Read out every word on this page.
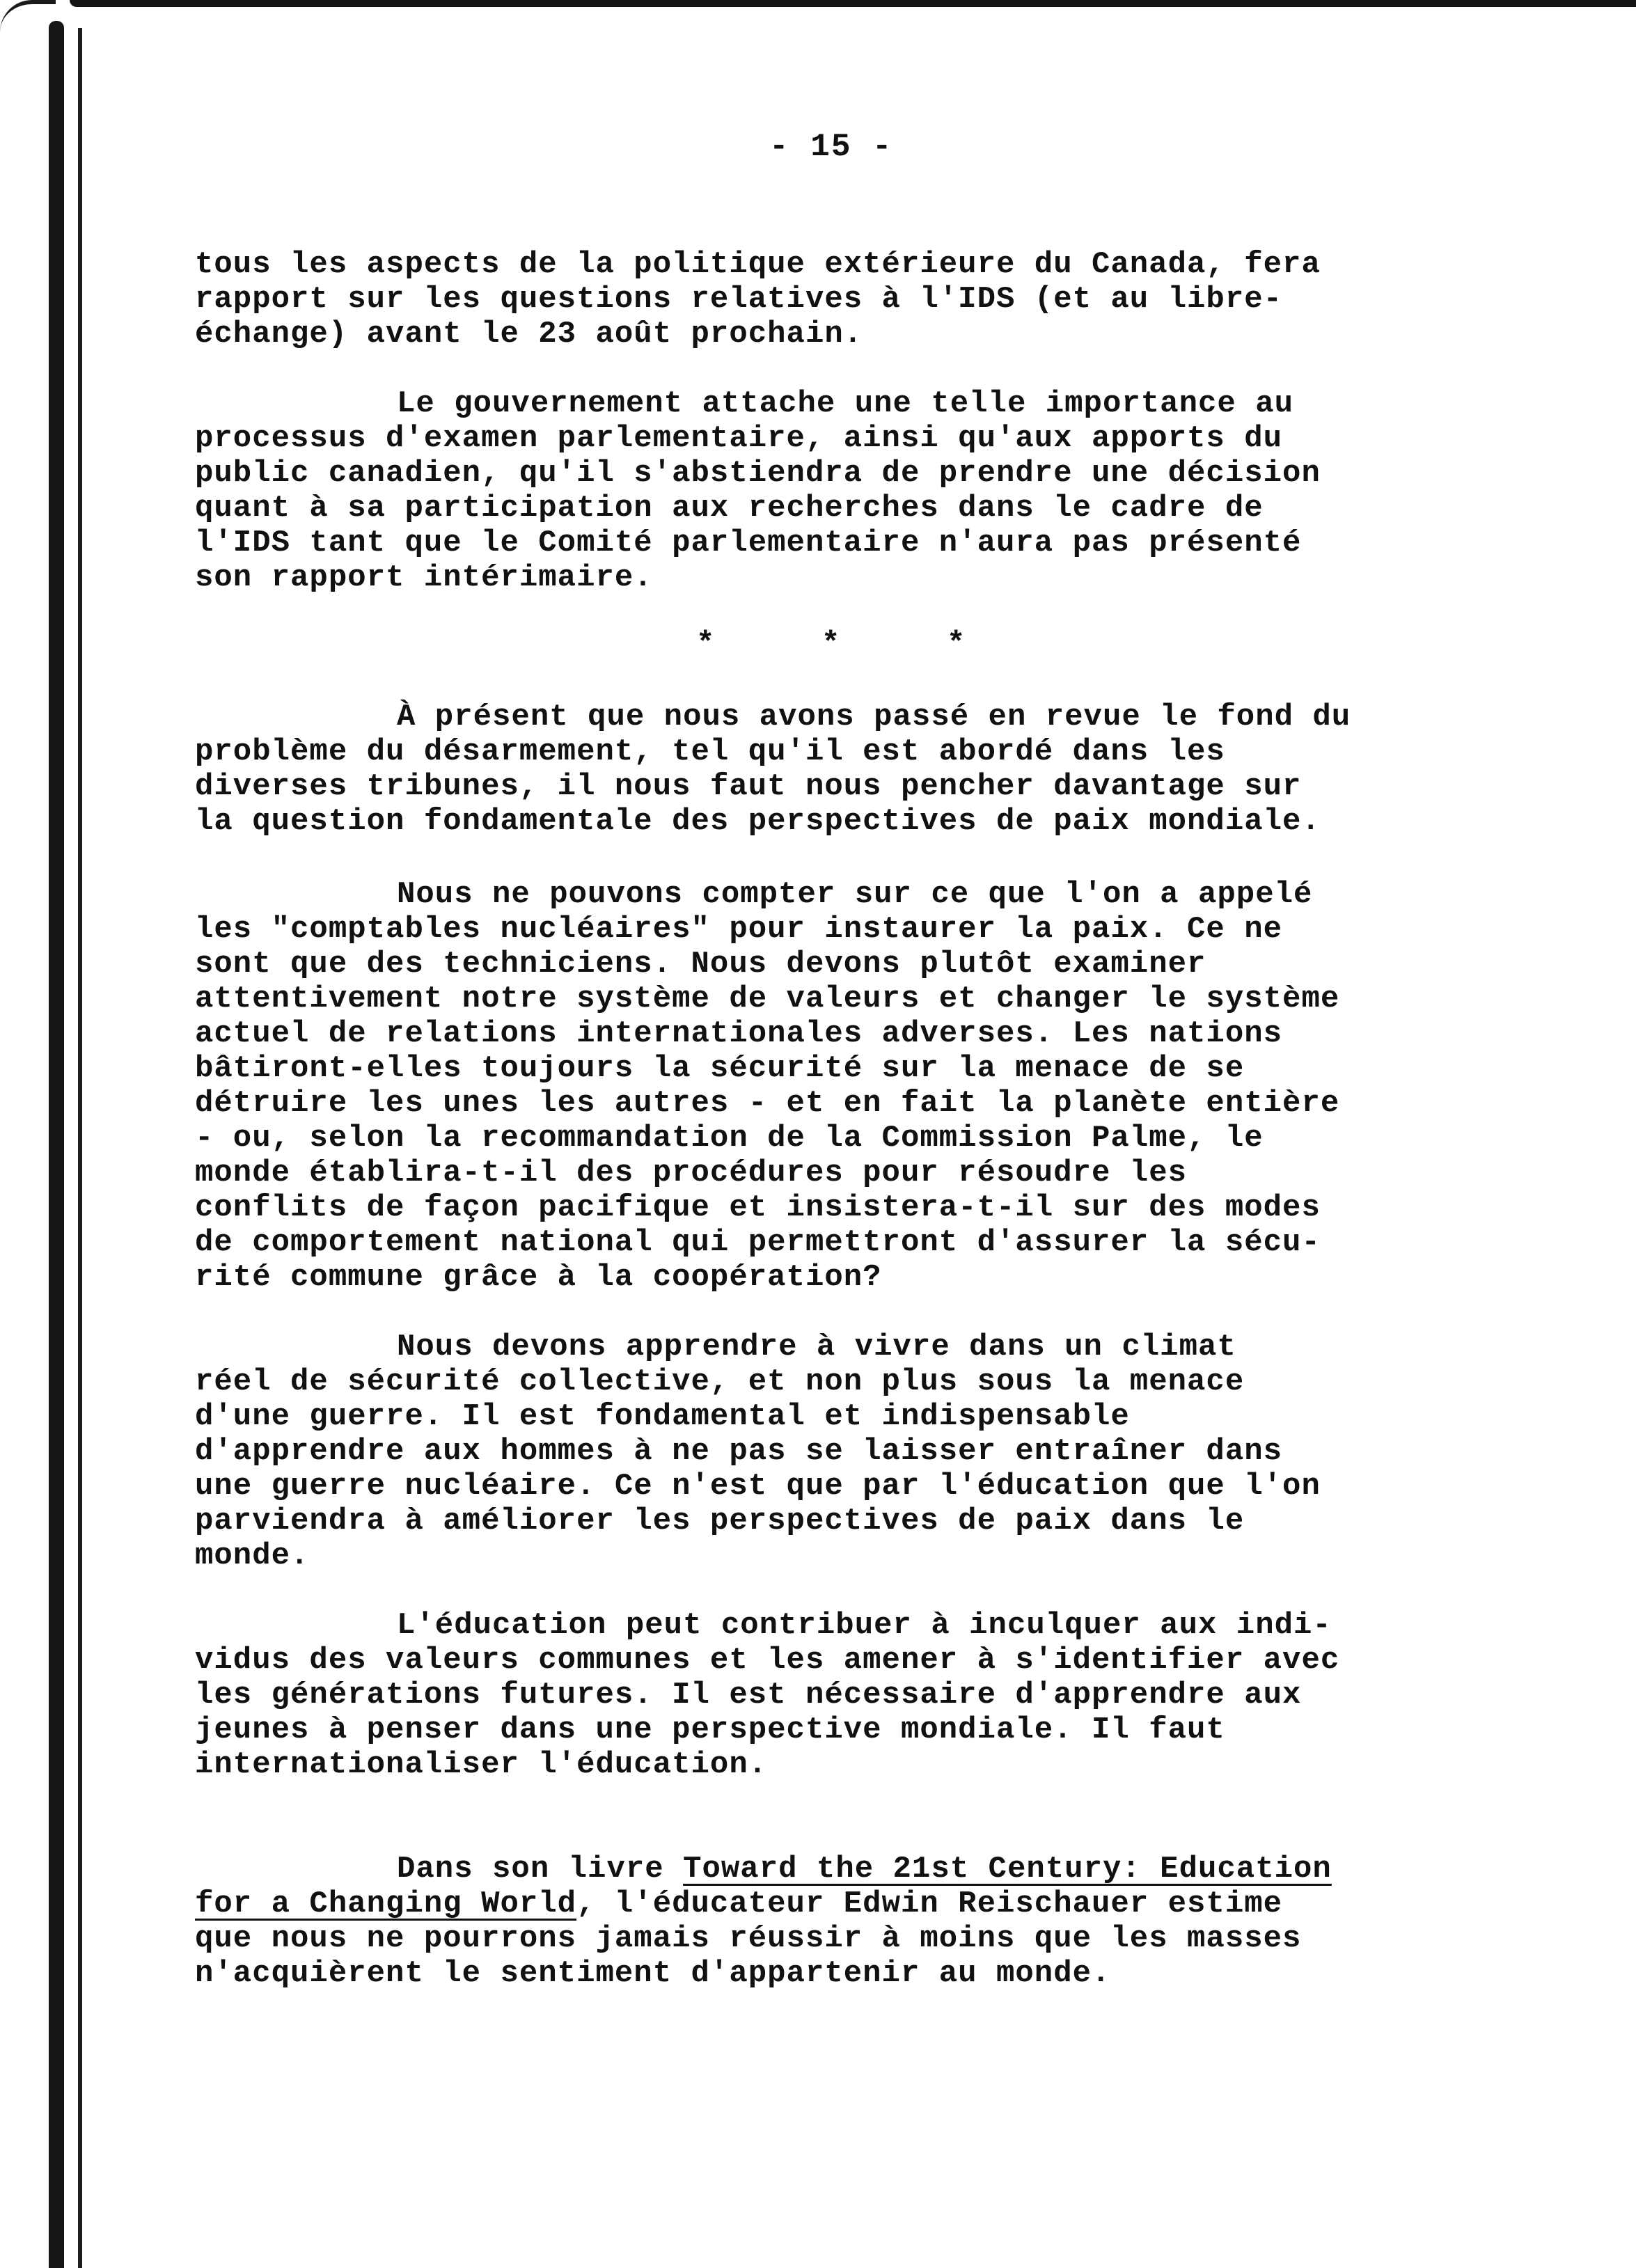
- 15 -
tous les aspects de la politique extérieure du Canada, fera
rapport sur les questions relatives à l'IDS (et au libre-
échange) avant le 23 août prochain.
Le gouvernement attache une telle importance au
processus d'examen parlementaire, ainsi qu'aux apports du
public canadien, qu'il s'abstiendra de prendre une décision
quant à sa participation aux recherches dans le cadre de
l'IDS tant que le Comité parlementaire n'aura pas présenté
son rapport intérimaire.
*	*	*
À présent que nous avons passé en revue le fond du
problème du désarmement, tel qu'il est abordé dans les
diverses tribunes, il nous faut nous pencher davantage sur
la question fondamentale des perspectives de paix mondiale.
Nous ne pouvons compter sur ce que l'on a appelé
les "comptables nucléaires" pour instaurer la paix. Ce ne
sont que des techniciens. Nous devons plutôt examiner
attentivement notre système de valeurs et changer le système
actuel de relations internationales adverses. Les nations
bâtiront-elles toujours la sécurité sur la menace de se
détruire les unes les autres - et en fait la planète entière
- ou, selon la recommandation de la Commission Palme, le
monde établira-t-il des procédures pour résoudre les
conflits de façon pacifique et insistera-t-il sur des modes
de comportement national qui permettront d'assurer la sécu-
rité commune grâce à la coopération?
Nous devons apprendre à vivre dans un climat
réel de sécurité collective, et non plus sous la menace
d'une guerre. Il est fondamental et indispensable
d'apprendre aux hommes à ne pas se laisser entraîner dans
une guerre nucléaire. Ce n'est que par l'éducation que l'on
parviendra à améliorer les perspectives de paix dans le
monde.
L'éducation peut contribuer à inculquer aux indi-
vidus des valeurs communes et les amener à s'identifier avec
les générations futures. Il est nécessaire d'apprendre aux
jeunes à penser dans une perspective mondiale. Il faut
internationaliser l'éducation.

Dans son livre Toward the 21st Century: Education
for a Changing World, l'éducateur Edwin Reischauer estime
que nous ne pourrons jamais réussir à moins que les masses
n'acquièrent le sentiment d'appartenir au monde.
